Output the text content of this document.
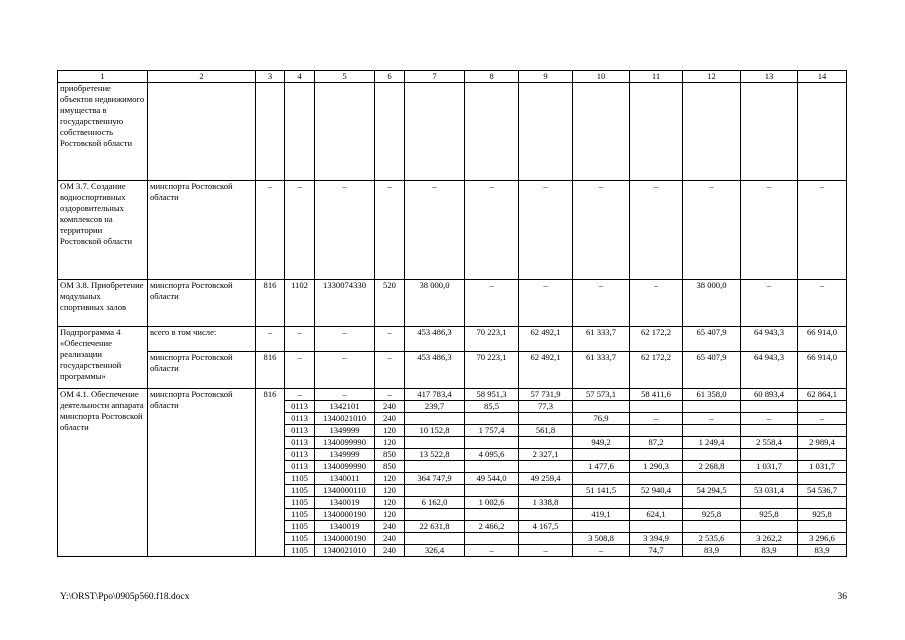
1	2	3	4	5	6	7	8	9	10	11	12	13	14
приобретение объектов недвижимого имущества в государственную собственность Ростовской области													
ОМ 3.7. Создание водноспортивных оздоровительных комплексов на территории Ростовской области	минспорта Ростовской области	–	–	–	–	–	–	–	–	–	–	–	–
ОМ 3.8. Приобретение модульных спортивных залов	минспорта Ростовской области	816	1102	1330074330	520	38 000,0	–	–	–	–	38 000,0	–	–
Подпрограмма 4 «Обеспечение реализации государственной программы»	всего в том числе:	–	–	–	–	453 486,3	70 223,1	62 492,1	61 333,7	62 172,2	65 407,9	64 943,3	66 914,0
	минспорта Ростовской области	816	–	–	–	453 486,3	70 223,1	62 492,1	61 333,7	62 172,2	65 407,9	64 943,3	66 914,0
ОМ 4.1. Обеспечение деятельности аппарата минспорта Ростовской области	минспорта Ростовской области	816	–	–	–	417 783,4	58 951,3	57 731,9	57 573,1	58 411,6	61 358,0	60 893,4	62 864,1
			0113	1342101	240	239,7	85,5	77,3					
			0113	1340021010	240				76,9	–	–	–	–
			0113	1349999	120	10 152,8	1 757,4	561,8					
			0113	1340099990	120				949,2	87,2	1 249,4	2 558,4	2 989,4
			0113	1349999	850	13 522,8	4 095,6	2 327,1					
			0113	1340099990	850				1 477,6	1 290,3	2 268,8	1 031,7	1 031,7
			1105	1340011	120	364 747,9	49 544,0	49 259,4					
			1105	1340000110	120				51 141,5	52 940,4	54 294,5	53 031,4	54 536,7
			1105	1340019	120	6 162,0	1 002,6	1 338,8					
			1105	1340000190	120				419,1	624,1	925,8	925,8	925,8
			1105	1340019	240	22 631,8	2 466,2	4 167,5					
			1105	1340000190	240				3 508,8	3 394,9	2 535,6	3 262,2	3 296,6
			1105	1340021010	240	326,4	–	–	–	74,7	83,9	83,9	83,9
Y:\ORST\Ppo\0905p560.f18.docx	36
